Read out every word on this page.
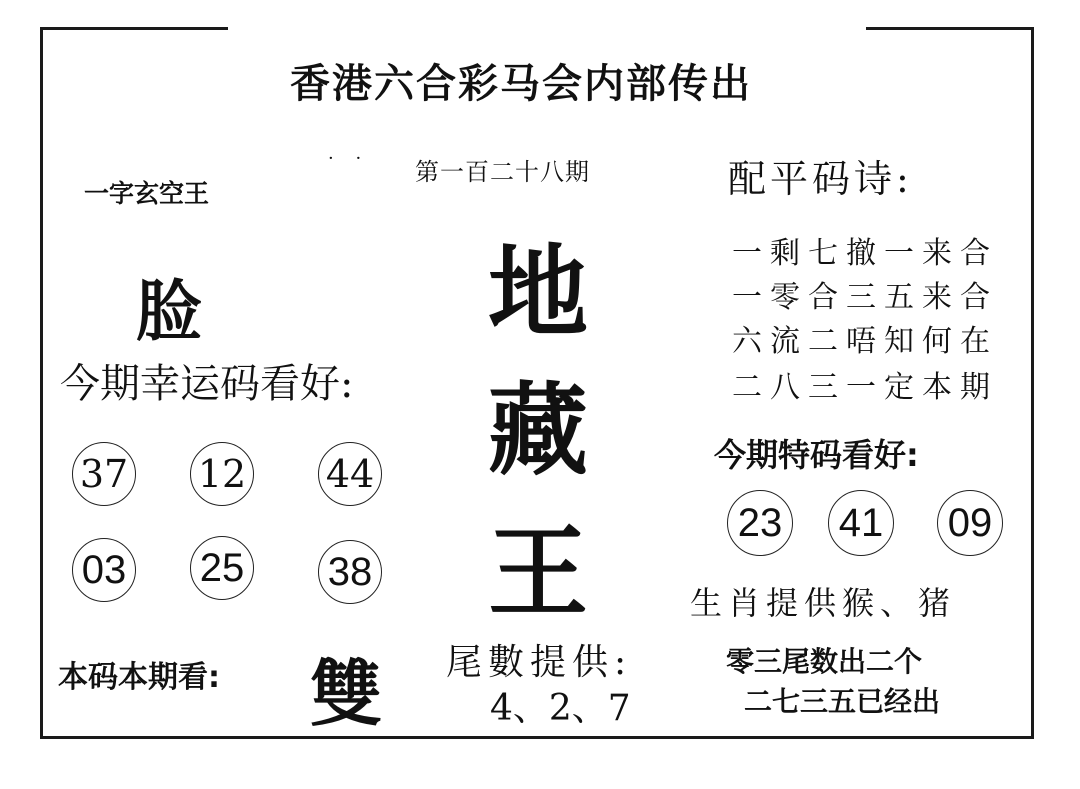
香港六合彩马会内部传出
· · 第一百二十八期
一字玄空王
脸
今期幸运码看好:
37 12 44
03 25 38
地
藏
王
配平码诗:
一剩七撤一来合
一零合三五来合
六流二唔知何在
二八三一定本期
今期特码看好:
23 41 09
生肖提供猴、猪
本码本期看: 雙 尾數提供:
4、2、7
零三尾数出二个
二七三五已经出
